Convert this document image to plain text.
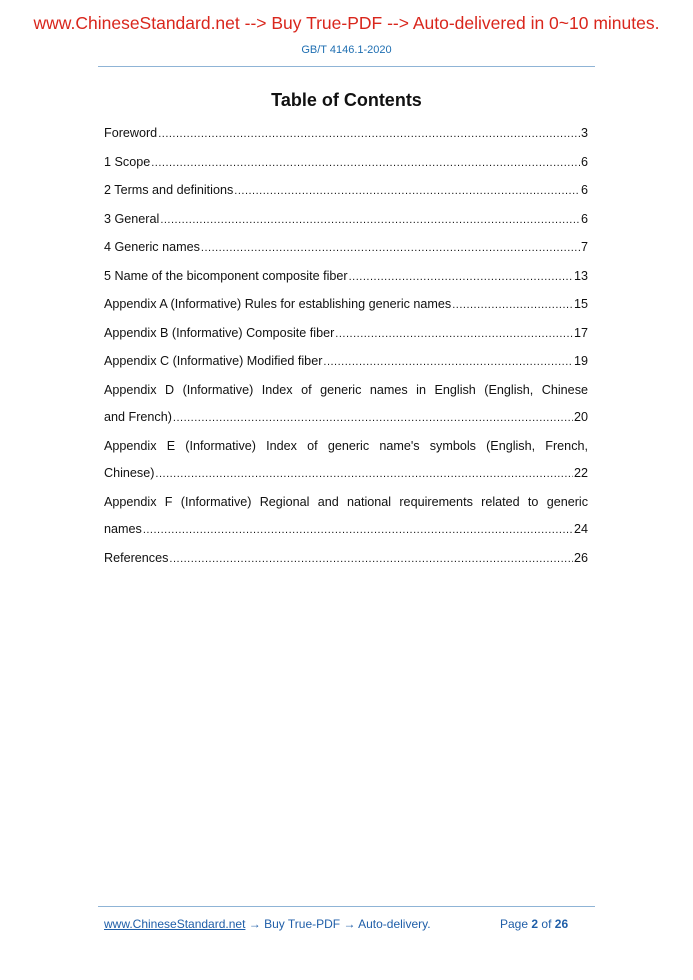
www.ChineseStandard.net --> Buy True-PDF --> Auto-delivered in 0~10 minutes.
GB/T 4146.1-2020
Table of Contents
Foreword .....	3
1 Scope .....	6
2 Terms and definitions .....	6
3 General .....	6
4 Generic names .....	7
5 Name of the bicomponent composite fiber .....	13
Appendix A (Informative) Rules for establishing generic names .....	15
Appendix B (Informative) Composite fiber .....	17
Appendix C (Informative) Modified fiber .....	19
Appendix D (Informative) Index of generic names in English (English, Chinese
and French) .....	20
Appendix E (Informative) Index of generic name's symbols (English, French,
Chinese) .....	22
Appendix F (Informative) Regional and national requirements related to generic
names .....	24
References .....	26
www.ChineseStandard.net → Buy True-PDF → Auto-delivery.	Page 2 of 26
